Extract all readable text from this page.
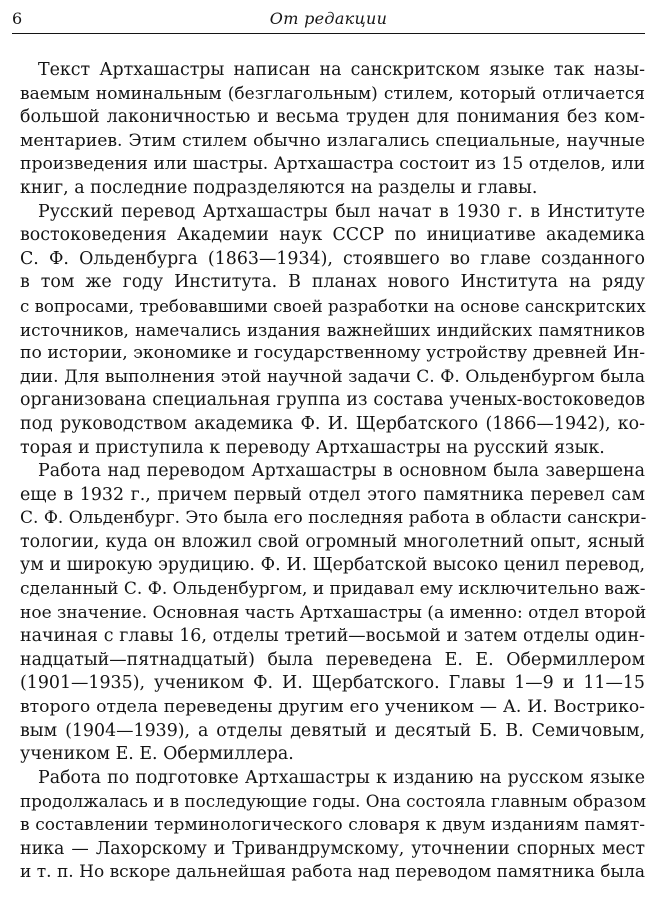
6	От редакции
Текст Артхашастры написан на санскритском языке так назы-
ваемым номинальным (безглагольным) стилем, который отличается
большой лаконичностью и весьма труден для понимания без ком-
ментариев. Этим стилем обычно излагались специальные, научные
произведения или шастры. Артхашастра состоит из 15 отделов, или
книг, а последние подразделяются на разделы и главы.
Русский перевод Артхашастры был начат в 1930 г. в Институте
востоковедения Академии наук СССР по инициативе академика
С. Ф. Ольденбурга (1863—1934), стоявшего во главе созданного
в том же году Института. В планах нового Института на ряду
с вопросами, требовавшими своей разработки на основе санскритских
источников, намечались издания важнейших индийских памятников
по истории, экономике и государственному устройству древней Ин-
дии. Для выполнения этой научной задачи С. Ф. Ольденбургом была
организована специальная группа из состава ученых-востоковедов
под руководством академика Ф. И. Щербатского (1866—1942), ко-
торая и приступила к переводу Артхашастры на русский язык.
Работа над переводом Артхашастры в основном была завершена
еще в 1932 г., причем первый отдел этого памятника перевел сам
С. Ф. Ольденбург. Это была его последняя работа в области санскри-
тологии, куда он вложил свой огромный многолетний опыт, ясный
ум и широкую эрудицию. Ф. И. Щербатской высоко ценил перевод,
сделанный С. Ф. Ольденбургом, и придавал ему исключительно важ-
ное значение. Основная часть Артхашастры (а именно: отдел второй
начиная с главы 16, отделы третий—восьмой и затем отделы один-
надцатый—пятнадцатый) была переведена Е. Е. Обермиллером
(1901—1935), учеником Ф. И. Щербатского. Главы 1—9 и 11—15
второго отдела переведены другим его учеником — А. И. Вострико-
вым (1904—1939), а отделы девятый и десятый Б. В. Семичовым,
учеником Е. Е. Обермиллера.
Работа по подготовке Артхашастры к изданию на русском языке
продолжалась и в последующие годы. Она состояла главным образом
в составлении терминологического словаря к двум изданиям памят-
ника — Лахорскому и Тривандрумскому, уточнении спорных мест
и т. п. Но вскоре дальнейшая работа над переводом памятника была
